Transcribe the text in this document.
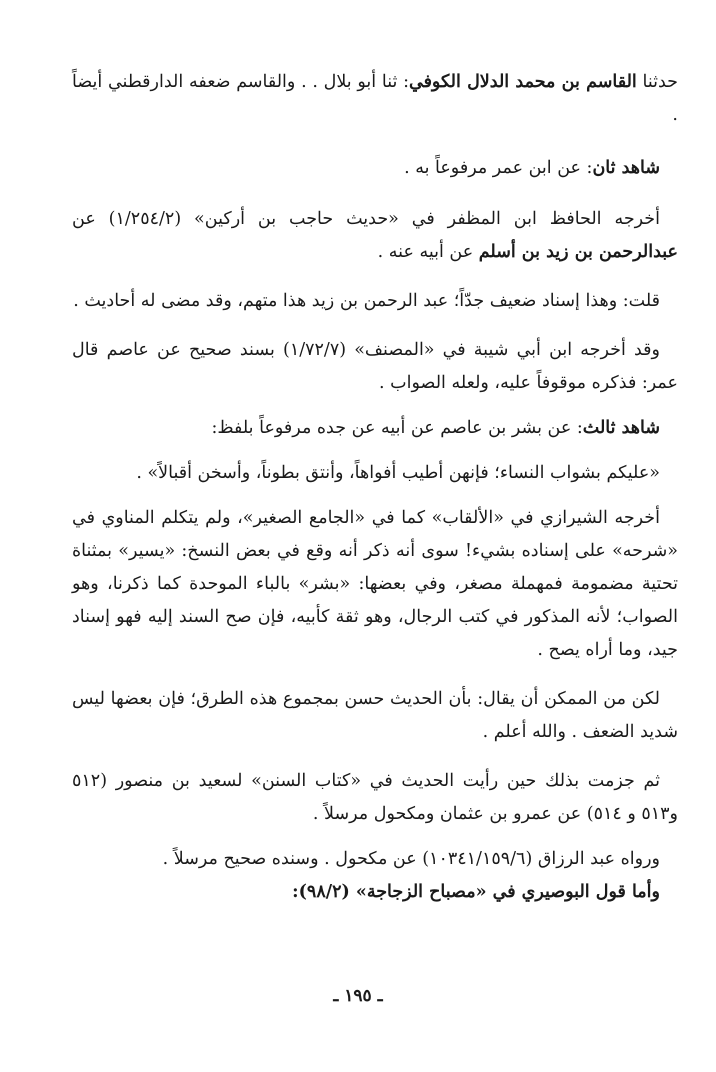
حدثنا القاسم بن محمد الدلال الكوفي: ثنا أبو بلال . . والقاسم ضعفه الدارقطني أيضاً .

شاهد ثان: عن ابن عمر مرفوعاً به .

أخرجه الحافظ ابن المظفر في «حديث حاجب بن أركين» (١/٢٥٤/٢) عن عبدالرحمن بن زيد بن أسلم عن أبيه عنه .

قلت: وهذا إسناد ضعيف جدّاً؛ عبد الرحمن بن زيد هذا متهم، وقد مضى له أحاديث .

وقد أخرجه ابن أبي شيبة في «المصنف» (١/٧٢/٧) بسند صحيح عن عاصم قال عمر: فذكره موقوفاً عليه، ولعله الصواب .

شاهد ثالث: عن بشر بن عاصم عن أبيه عن جده مرفوعاً بلفظ:

«عليكم بشواب النساء؛ فإنهن أطيب أفواهاً، وأنتق بطوناً، وأسخن أقبالاً» .

أخرجه الشيرازي في «الألقاب» كما في «الجامع الصغير»، ولم يتكلم المناوي في «شرحه» على إسناده بشيء! سوى أنه ذكر أنه وقع في بعض النسخ: «يسير» بمثناة تحتية مضمومة فمهملة مصغر، وفي بعضها: «بشر» بالباء الموحدة كما ذكرنا، وهو الصواب؛ لأنه المذكور في كتب الرجال، وهو ثقة كأبيه، فإن صح السند إليه فهو إسناد جيد، وما أراه يصح .

لكن من الممكن أن يقال: بأن الحديث حسن بمجموع هذه الطرق؛ فإن بعضها ليس شديد الضعف . والله أعلم .

ثم جزمت بذلك حين رأيت الحديث في «كتاب السنن» لسعيد بن منصور (٥١٢ و٥١٣ و ٥١٤) عن عمرو بن عثمان ومكحول مرسلاً .

ورواه عبد الرزاق (١٠٣٤١/١٥٩/٦) عن مكحول . وسنده صحيح مرسلاً .

وأما قول البوصيري في «مصباح الزجاجة» (٩٨/٢):

ـ ١٩٥ ـ
